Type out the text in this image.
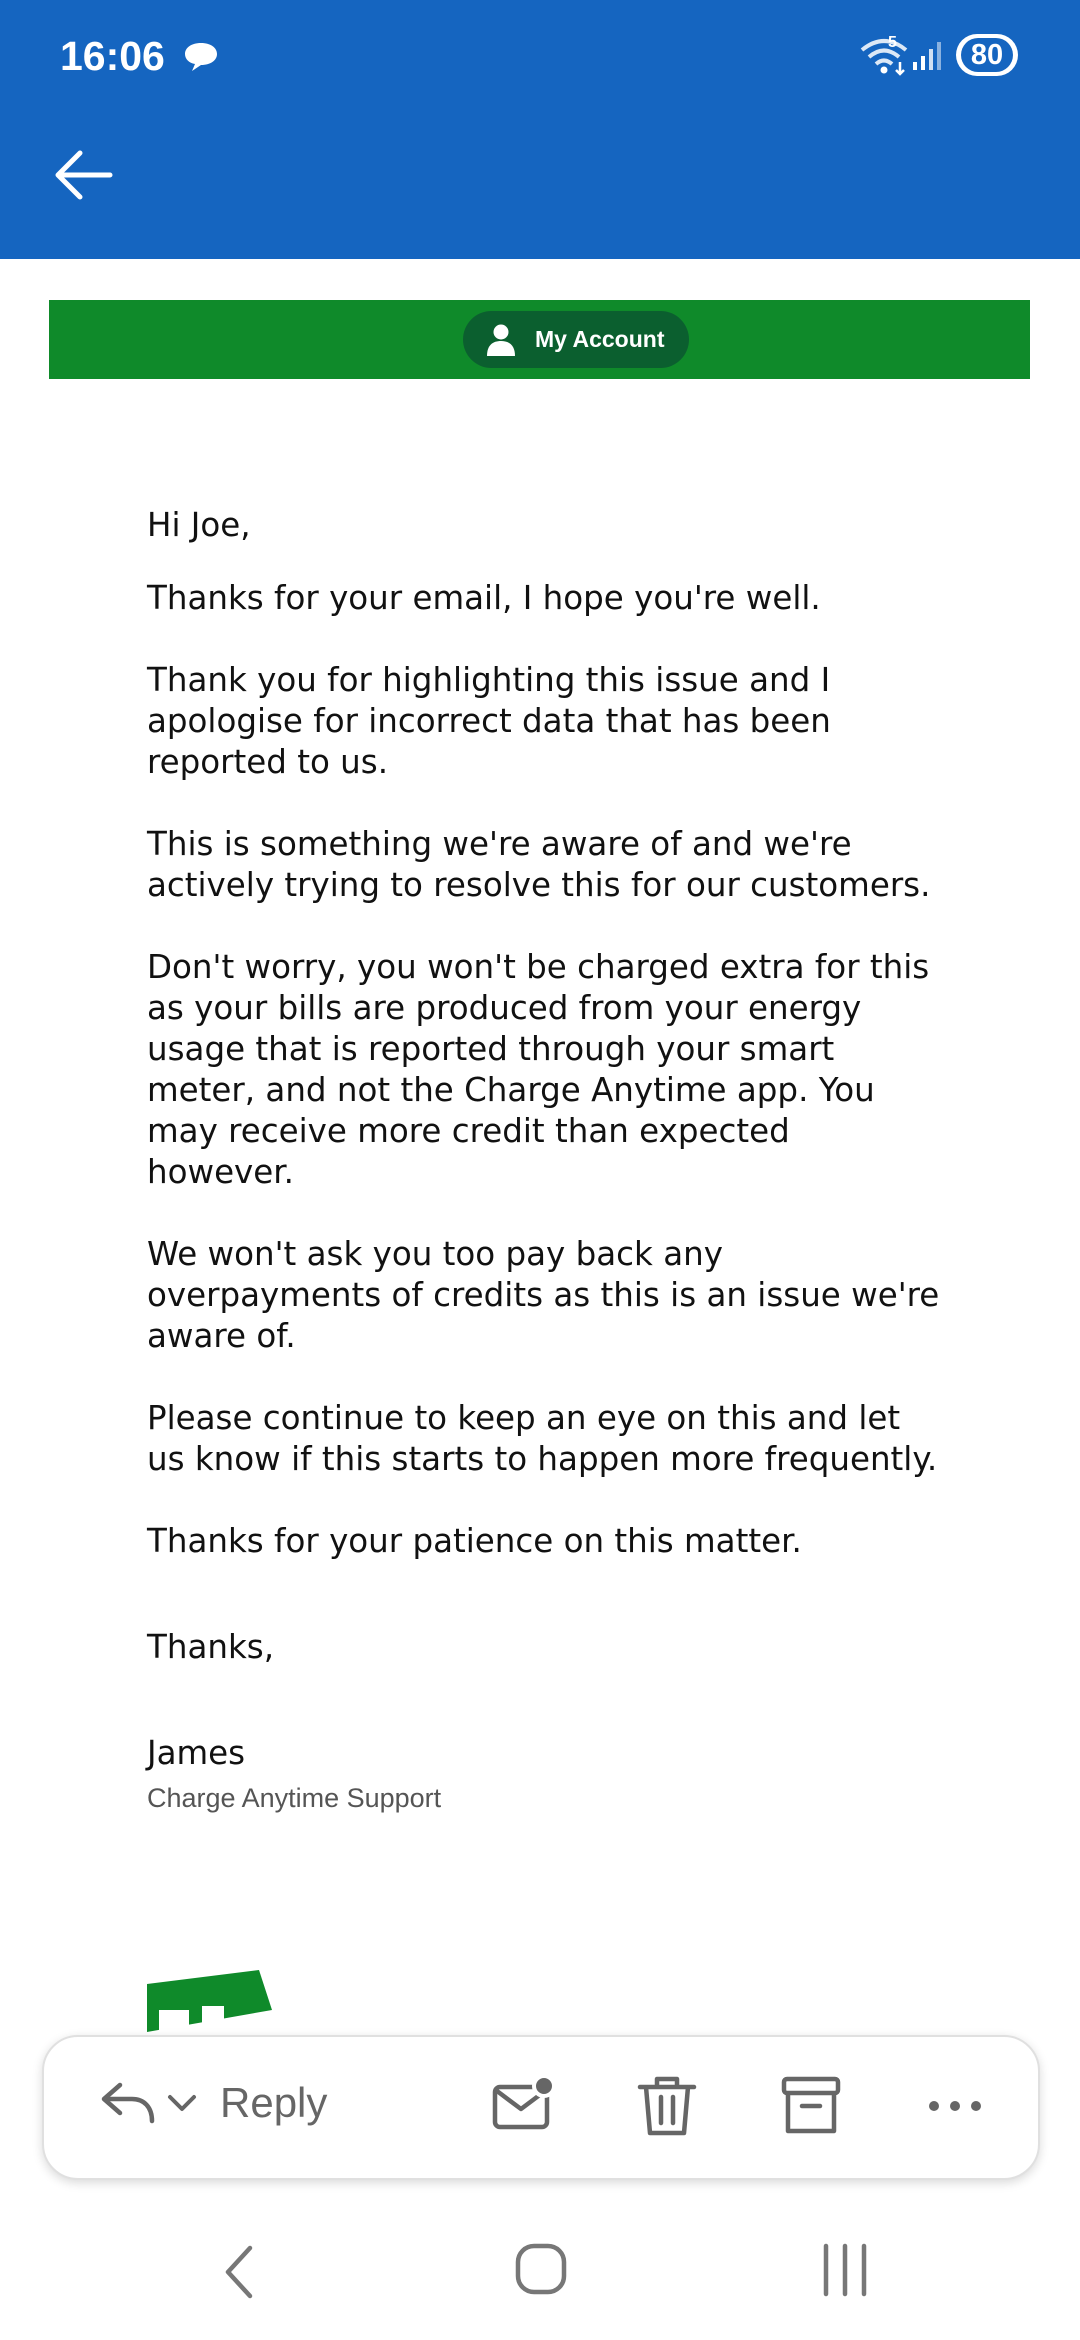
16:06	5	80
My Account

Hi Joe,

Thanks for your email, I hope you're well.

Thank you for highlighting this issue and I apologise for incorrect data that has been reported to us.

This is something we're aware of and we're actively trying to resolve this for our customers.

Don't worry, you won't be charged extra for this as your bills are produced from your energy usage that is reported through your smart meter, and not the Charge Anytime app. You may receive more credit than expected however.

We won't ask you too pay back any overpayments of credits as this is an issue we're aware of.

Please continue to keep an eye on this and let us know if this starts to happen more frequently.

Thanks for your patience on this matter.

Thanks,

James

Charge Anytime Support
Reply
